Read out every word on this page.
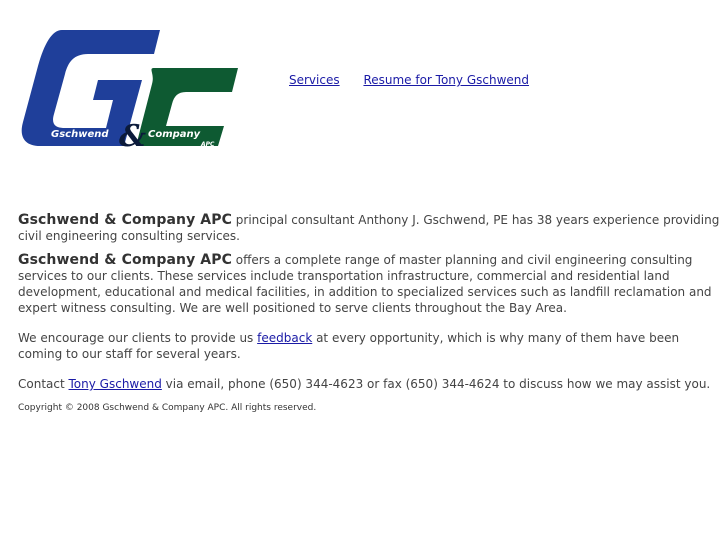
&
Gschwend	Company
APC
Services Resume for Tony Gschwend

Gschwend & Company APC principal consultant Anthony J. Gschwend, PE has 38 years experience providing civil engineering consulting services.

Gschwend & Company APC offers a complete range of master planning and civil engineering consulting services to our clients. These services include transportation infrastructure, commercial and residential land development, educational and medical facilities, in addition to specialized services such as landfill reclamation and expert witness consulting. We are well positioned to serve clients throughout the Bay Area.

We encourage our clients to provide us feedback at every opportunity, which is why many of them have been coming to our staff for several years.

Contact Tony Gschwend via email, phone (650) 344-4623 or fax (650) 344-4624 to discuss how we may assist you.

Copyright © 2008 Gschwend & Company APC. All rights reserved.
